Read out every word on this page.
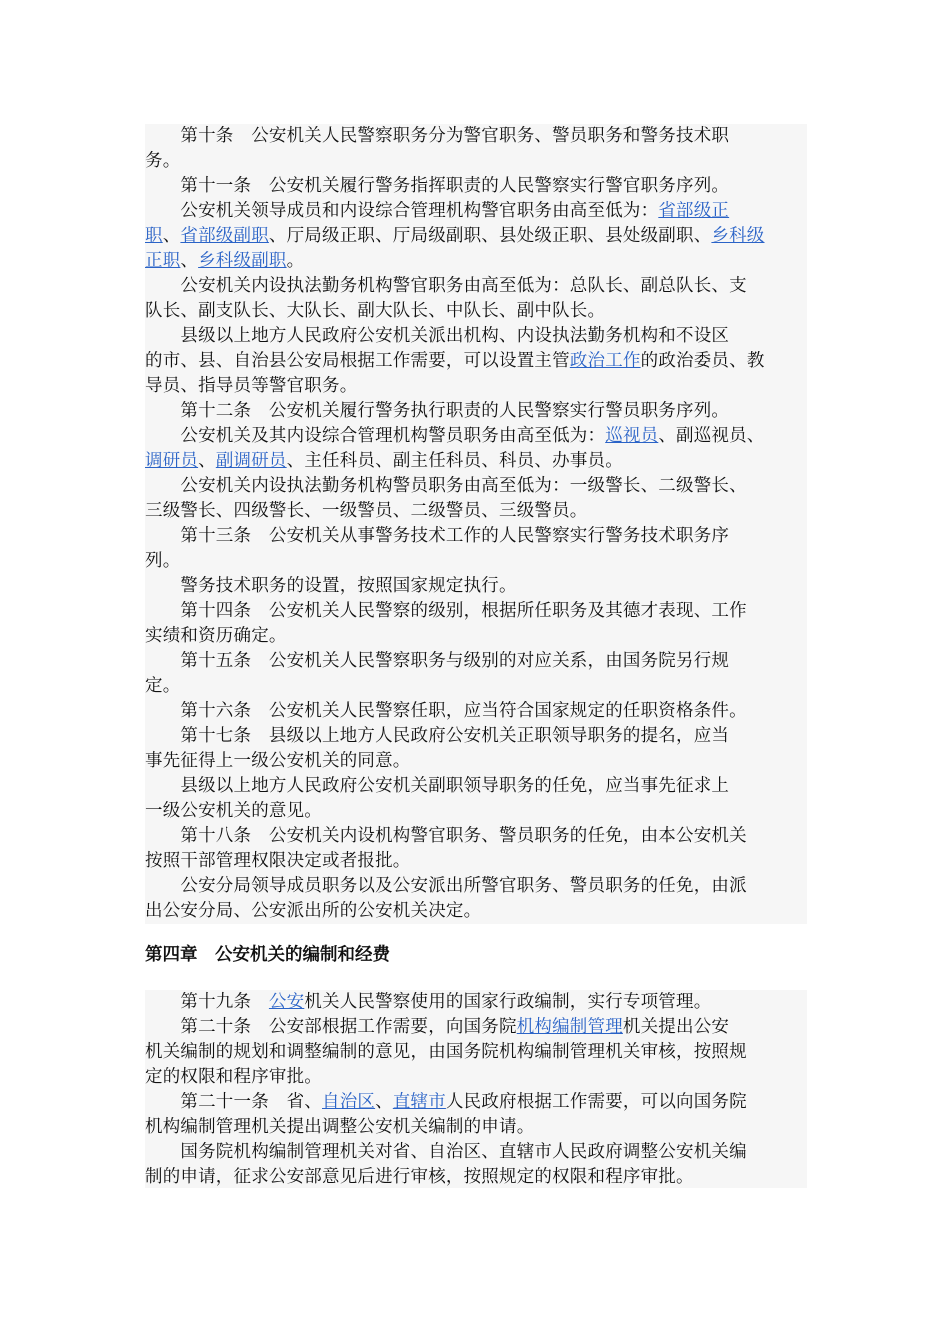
　　第十条　公安机关人民警察职务分为警官职务、警员职务和警务技术职
务。
　　第十一条　公安机关履行警务指挥职责的人民警察实行警官职务序列。
　　公安机关领导成员和内设综合管理机构警官职务由高至低为：省部级正
职、省部级副职、厅局级正职、厅局级副职、县处级正职、县处级副职、乡科级
正职、乡科级副职。
　　公安机关内设执法勤务机构警官职务由高至低为：总队长、副总队长、支
队长、副支队长、大队长、副大队长、中队长、副中队长。
　　县级以上地方人民政府公安机关派出机构、内设执法勤务机构和不设区
的市、县、自治县公安局根据工作需要，可以设置主管政治工作的政治委员、教
导员、指导员等警官职务。
　　第十二条　公安机关履行警务执行职责的人民警察实行警员职务序列。
　　公安机关及其内设综合管理机构警员职务由高至低为：巡视员、副巡视员、
调研员、副调研员、主任科员、副主任科员、科员、办事员。
　　公安机关内设执法勤务机构警员职务由高至低为：一级警长、二级警长、
三级警长、四级警长、一级警员、二级警员、三级警员。
　　第十三条　公安机关从事警务技术工作的人民警察实行警务技术职务序
列。
　　警务技术职务的设置，按照国家规定执行。
　　第十四条　公安机关人民警察的级别，根据所任职务及其德才表现、工作
实绩和资历确定。
　　第十五条　公安机关人民警察职务与级别的对应关系，由国务院另行规
定。
　　第十六条　公安机关人民警察任职，应当符合国家规定的任职资格条件。
　　第十七条　县级以上地方人民政府公安机关正职领导职务的提名，应当
事先征得上一级公安机关的同意。
　　县级以上地方人民政府公安机关副职领导职务的任免，应当事先征求上
一级公安机关的意见。
　　第十八条　公安机关内设机构警官职务、警员职务的任免，由本公安机关
按照干部管理权限决定或者报批。
　　公安分局领导成员职务以及公安派出所警官职务、警员职务的任免，由派
出公安分局、公安派出所的公安机关决定。
第四章　公安机关的编制和经费
　　第十九条　公安机关人民警察使用的国家行政编制，实行专项管理。
　　第二十条　公安部根据工作需要，向国务院机构编制管理机关提出公安
机关编制的规划和调整编制的意见，由国务院机构编制管理机关审核，按照规
定的权限和程序审批。
　　第二十一条　省、自治区、直辖市人民政府根据工作需要，可以向国务院
机构编制管理机关提出调整公安机关编制的申请。
　　国务院机构编制管理机关对省、自治区、直辖市人民政府调整公安机关编
制的申请，征求公安部意见后进行审核，按照规定的权限和程序审批。
